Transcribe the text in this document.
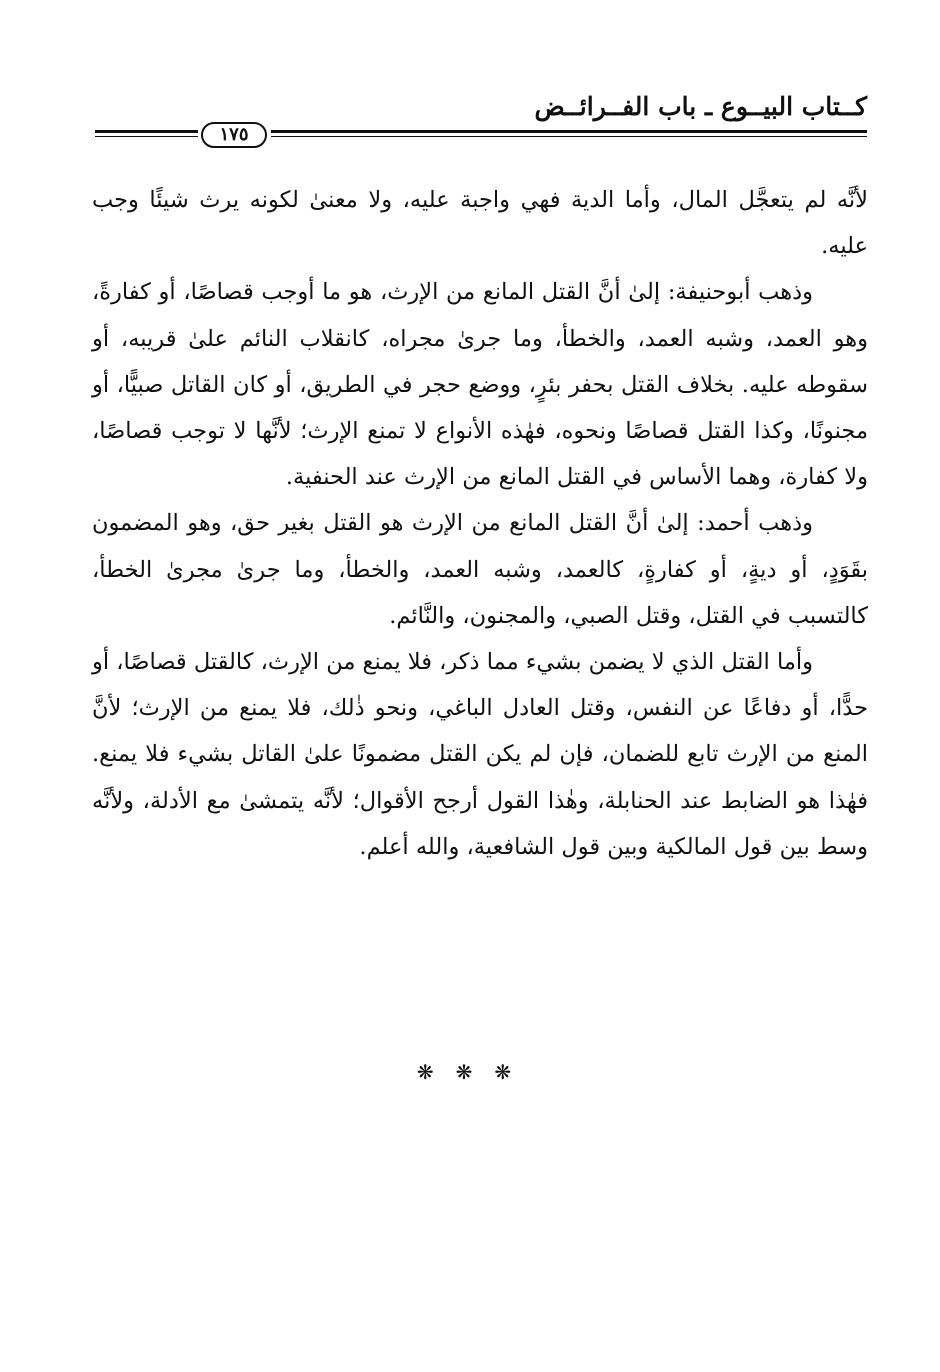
كــتاب البيــوع ـ باب الفــرائــض
١٧٥

لأنَّه لم يتعجَّل المال، وأما الدية فهي واجبة عليه، ولا معنىٰ لكونه يرث شيئًا وجب عليه.

وذهب أبوحنيفة: إلىٰ أنَّ القتل المانع من الإرث، هو ما أوجب قصاصًا، أو كفارةً، وهو العمد، وشبه العمد، والخطأ، وما جرىٰ مجراه، كانقلاب النائم علىٰ قريبه، أو سقوطه عليه. بخلاف القتل بحفر بئرٍ، ووضع حجر في الطريق، أو كان القاتل صبيًّا، أو مجنونًا، وكذا القتل قصاصًا ونحوه، فهٰذه الأنواع لا تمنع الإرث؛ لأنَّها لا توجب قصاصًا، ولا كفارة، وهما الأساس في القتل المانع من الإرث عند الحنفية.

وذهب أحمد: إلىٰ أنَّ القتل المانع من الإرث هو القتل بغير حق، وهو المضمون بقَوَدٍ، أو ديةٍ، أو كفارةٍ، كالعمد، وشبه العمد، والخطأ، وما جرىٰ مجرىٰ الخطأ، كالتسبب في القتل، وقتل الصبي، والمجنون، والنَّائم.

وأما القتل الذي لا يضمن بشيء مما ذكر، فلا يمنع من الإرث، كالقتل قصاصًا، أو حدًّا، أو دفاعًا عن النفس، وقتل العادل الباغي، ونحو ذٰلك، فلا يمنع من الإرث؛ لأنَّ المنع من الإرث تابع للضمان، فإن لم يكن القتل مضمونًا علىٰ القاتل بشيء فلا يمنع. فهٰذا هو الضابط عند الحنابلة، وهٰذا القول أرجح الأقوال؛ لأنَّه يتمشىٰ مع الأدلة، ولأنَّه وسط بين قول المالكية وبين قول الشافعية، والله أعلم.

❋❋❋
